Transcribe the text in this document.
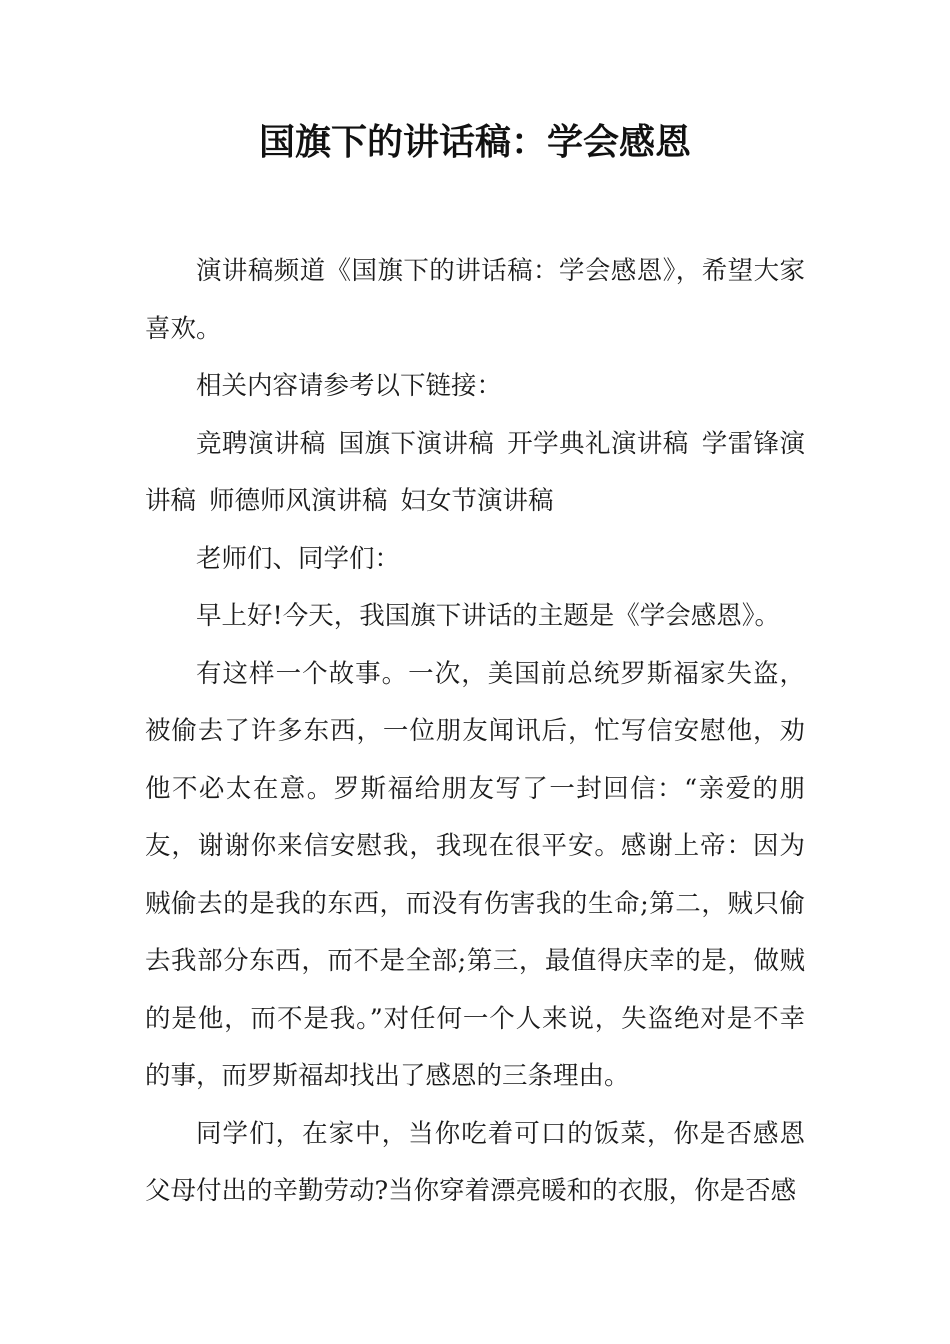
国旗下的讲话稿：学会感恩

演讲稿频道《国旗下的讲话稿：学会感恩》，希望大家喜欢。

相关内容请参考以下链接：

竞聘演讲稿 国旗下演讲稿 开学典礼演讲稿 学雷锋演讲稿 师德师风演讲稿 妇女节演讲稿

老师们、同学们：

早上好!今天，我国旗下讲话的主题是《学会感恩》。

有这样一个故事。一次，美国前总统罗斯福家失盗，被偷去了许多东西，一位朋友闻讯后，忙写信安慰他，劝他不必太在意。罗斯福给朋友写了一封回信：“亲爱的朋友，谢谢你来信安慰我，我现在很平安。感谢上帝：因为贼偷去的是我的东西，而没有伤害我的生命;第二，贼只偷去我部分东西，而不是全部;第三，最值得庆幸的是，做贼的是他，而不是我。”对任何一个人来说，失盗绝对是不幸的事，而罗斯福却找出了感恩的三条理由。

同学们，在家中，当你吃着可口的饭菜，你是否感恩父母付出的辛勤劳动?当你穿着漂亮暖和的衣服，你是否感
